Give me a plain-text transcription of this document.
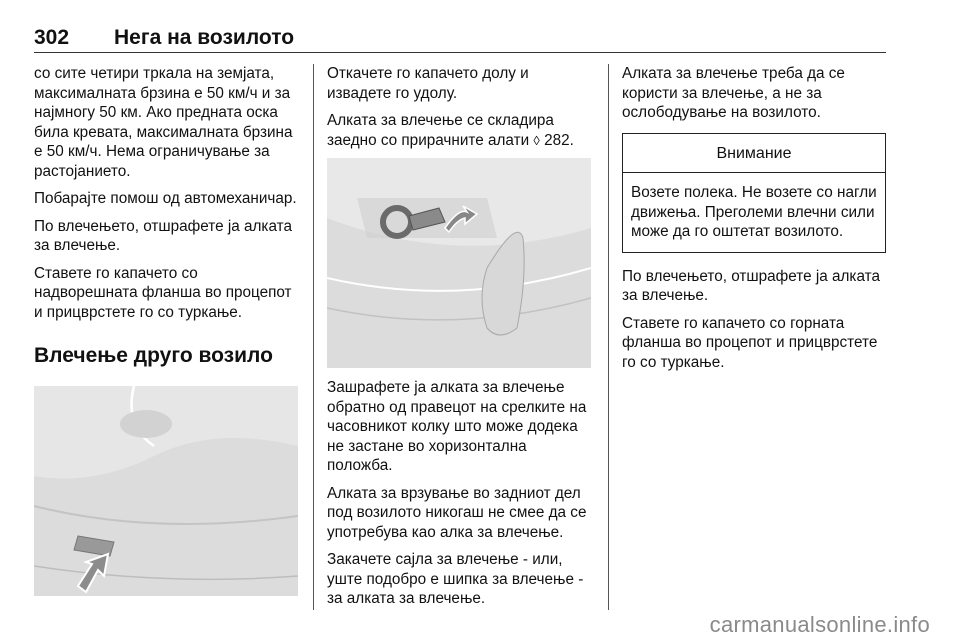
302 Нега на возилото

со сите четири тркала на земјата, максималната брзина е 50 км/ч и за најмногу 50 км. Ако предната оска била кревата, максималната брзина е 50 км/ч. Нема ограничување за растојанието.

Побарајте помош од автомеханичар.

По влечењето, отшрафете ја алката за влечење.

Ставете го капачето со надворешната фланша во процепот и прицврстете го со туркање.

Влечење друго возило

Откачете го капачето долу и извадете го удолу.

Алката за влечење се складира заедно со прирачните алати ◊ 282.

Зашрафете ја алката за влечење обратно од правецот на срелките на часовникот колку што може додека не застане во хоризонтална положба.

Алката за врзување во задниот дел под возилото никогаш не смее да се употребува као алка за влечење.

Закачете сајла за влечење - или, уште подобро е шипка за влечење - за алката за влечење.

Алката за влечење треба да се користи за влечење, а не за ослободување на возилото.

Внимание
Возете полека. Не возете со нагли движења. Преголеми влечни сили може да го оштетат возилото.

По влечењето, отшрафете ја алката за влечење.

Ставете го капачето со горната фланша во процепот и прицврстете го со туркање.

carmanualsonline.info
